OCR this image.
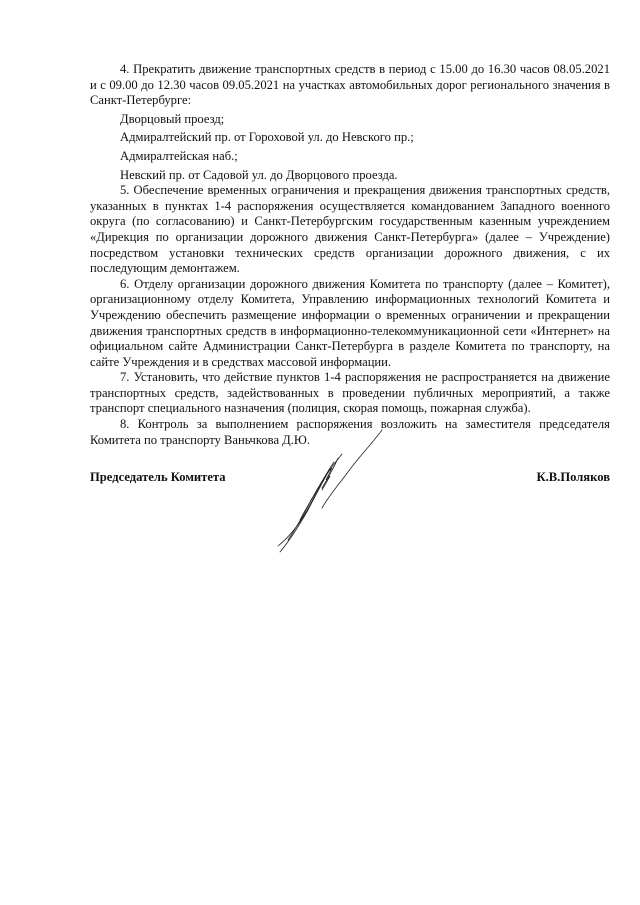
4. Прекратить движение транспортных средств в период с 15.00 до 16.30 часов 08.05.2021 и с 09.00 до 12.30 часов 09.05.2021 на участках автомобильных дорог регионального значения в Санкт-Петербурге:

Дворцовый проезд;

Адмиралтейский пр. от Гороховой ул. до Невского пр.;

Адмиралтейская наб.;

Невский пр. от Садовой ул. до Дворцового проезда.

5. Обеспечение временных ограничения и прекращения движения транспортных средств, указанных в пунктах 1-4 распоряжения осуществляется командованием Западного военного округа (по согласованию) и Санкт-Петербургским государственным казенным учреждением «Дирекция по организации дорожного движения Санкт-Петербурга» (далее – Учреждение) посредством установки технических средств организации дорожного движения, с их последующим демонтажем.

6. Отделу организации дорожного движения Комитета по транспорту (далее – Комитет), организационному отделу Комитета, Управлению информационных технологий Комитета и Учреждению обеспечить размещение информации о временных ограничении и прекращении движения транспортных средств в информационно-телекоммуникационной сети «Интернет» на официальном сайте Администрации Санкт-Петербурга в разделе Комитета по транспорту, на сайте Учреждения и в средствах массовой информации.

7. Установить, что действие пунктов 1-4 распоряжения не распространяется на движение транспортных средств, задействованных в проведении публичных мероприятий, а также транспорт специального назначения (полиция, скорая помощь, пожарная служба).

8. Контроль за выполнением распоряжения возложить на заместителя председателя Комитета по транспорту Ваньчкова Д.Ю.

Председатель Комитета	К.В.Поляков
